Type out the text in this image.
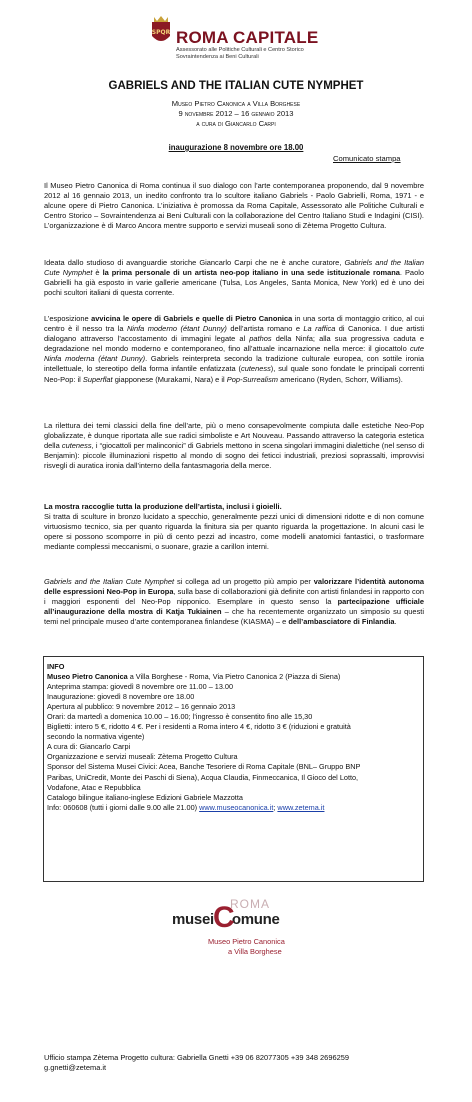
SPQR ROMA CAPITALE
Assessorato alle Politiche Culturali e Centro Storico
Sovraintendenza ai Beni Culturali
GABRIELS AND THE ITALIAN CUTE NYMPHET
Museo Pietro Canonica a Villa Borghese
9 novembre 2012 – 16 gennaio 2013
a cura di Giancarlo Carpi
inaugurazione 8 novembre ore 18.00
Comunicato stampa

Il Museo Pietro Canonica di Roma continua il suo dialogo con l’arte contemporanea proponendo, dal 9 novembre 2012 al 16 gennaio 2013, un inedito confronto tra lo scultore italiano Gabriels - Paolo Gabrielli, Roma, 1971 - e alcune opere di Pietro Canonica. L’iniziativa è promossa da Roma Capitale, Assessorato alle Politiche Culturali e Centro Storico – Sovraintendenza ai Beni Culturali con la collaborazione del Centro Italiano Studi e Indagini (CISI). L’organizzazione è di Marco Ancora mentre supporto e servizi museali sono di Zètema Progetto Cultura.

Ideata dallo studioso di avanguardie storiche Giancarlo Carpi che ne è anche curatore, Gabriels and the Italian Cute Nymphet è la prima personale di un artista neo-pop italiano in una sede istituzionale romana. Paolo Gabrielli ha già esposto in varie gallerie americane (Tulsa, Los Angeles, Santa Monica, New York) ed è uno dei pochi scultori italiani di questa corrente.

L’esposizione avvicina le opere di Gabriels e quelle di Pietro Canonica in una sorta di montaggio critico, al cui centro è il nesso tra la Ninfa moderno (étant Dunny) dell’artista romano e La raffica di Canonica. I due artisti dialogano attraverso l’accostamento di immagini legate al pathos della Ninfa; alla sua progressiva caduta e degradazione nel mondo moderno e contemporaneo, fino all’attuale incarnazione nella merce: il giocattolo cute Ninfa moderna (étant Dunny). Gabriels reinterpreta secondo la tradizione culturale europea, con sottile ironia intellettuale, lo stereotipo della forma infantile enfatizzata (cuteness), sul quale sono fondate le principali correnti Neo-Pop: il Superflat giapponese (Murakami, Nara) e il Pop-Surrealism americano (Ryden, Schorr, Williams).

La rilettura dei temi classici della fine dell’arte, più o meno consapevolmente compiuta dalle estetiche Neo-Pop globalizzate, è dunque riportata alle sue radici simboliste e Art Nouveau. Passando attraverso la categoria estetica della cuteness, i “giocattoli per malinconici” di Gabriels mettono in scena singolari immagini dialettiche (nel senso di Benjamin): piccole illuminazioni rispetto al mondo di sogno dei feticci industriali, preziosi soprassalti, improvvisi risvegli di auratica ironia dall’interno della fantasmagoria della merce.

La mostra raccoglie tutta la produzione dell’artista, inclusi i gioielli.

Si tratta di sculture in bronzo lucidato a specchio, generalmente pezzi unici di dimensioni ridotte e di non comune virtuosismo tecnico, sia per quanto riguarda la finitura sia per quanto riguarda la progettazione. In alcuni casi le opere si possono scomporre in più di cento pezzi ad incastro, come modelli anatomici fantastici, o trasformare mediante complessi meccanismi, o suonare, grazie a carillon interni.

Gabriels and the Italian Cute Nymphet si collega ad un progetto più ampio per valorizzare l’identità autonoma delle espressioni Neo-Pop in Europa, sulla base di collaborazioni già definite con artisti finlandesi in rapporto con i maggiori esponenti del Neo-Pop nipponico. Esemplare in questo senso la partecipazione ufficiale all’inaugurazione della mostra di Katja Tukiainen – che ha recentemente organizzato un simposio su questi temi nel principale museo d’arte contemporanea finlandese (KIASMA) – e dell’ambasciatore di Finlandia.

INFO
Museo Pietro Canonica a Villa Borghese - Roma, Via Pietro Canonica 2 (Piazza di Siena)
Anteprima stampa: giovedì 8 novembre ore 11.00 – 13.00
Inaugurazione: giovedì 8 novembre ore 18.00
Apertura al pubblico: 9 novembre 2012 – 16 gennaio 2013
Orari: da martedì a domenica 10.00 – 16.00; l’ingresso è consentito fino alle 15,30
Biglietti: intero 5 €, ridotto 4 €. Per i residenti a Roma intero 4 €, ridotto 3 € (riduzioni e gratuità
secondo la normativa vigente)
A cura di: Giancarlo Carpi
Organizzazione e servizi museali: Zètema Progetto Cultura
Sponsor del Sistema Musei Civici: Acea, Banche Tesoriere di Roma Capitale (BNL– Gruppo BNP
Paribas, UniCredit, Monte dei Paschi di Siena), Acqua Claudia, Finmeccanica, Il Gioco del Lotto,
Vodafone, Atac e Repubblica
Catalogo bilingue italiano-inglese Edizioni Gabriele Mazzotta
Info: 060608 (tutti i giorni dalle 9.00 alle 21.00) www.museocanonica.it; www.zetema.it
ROMA
musei omune
C
Museo Pietro Canonica
a Villa Borghese
Ufficio stampa Zètema Progetto cultura: Gabriella Gnetti +39 06 82077305 +39 348 2696259
g.gnetti@zetema.it
